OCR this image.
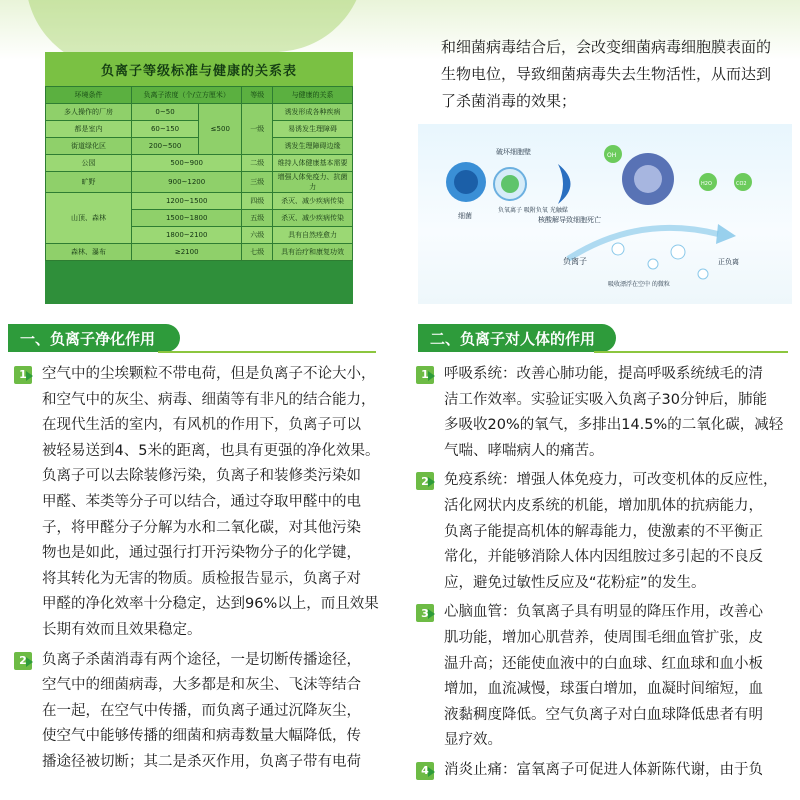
负离子等级标准与健康的关系表
环境条件	负离子浓度（个/立方厘米）		等级	与健康的关系
多人操作的厂房	0~50	≤500	一级	诱发形成各种疾病
都是室内	60~150			易诱发生理障碍
街道绿化区	200~500			诱发生理障碍边缘
公园	500~900		二级	维持人体健康基本需要
旷野	900~1200		三级	增强人体免疫力、抗菌力
山顶、森林	1200~1500		四级	杀灭、减少疾病传染
	1500~1800		五级	杀灭、减少疾病传染
	1800~2100		六级	具有自然痊愈力
森林、瀑布	≥2100		七级	具有治疗和康复功效

和细菌病毒结合后，会改变细菌病毒细胞膜表面的

生物电位，导致细菌病毒失去生物活性，从而达到

了杀菌消毒的效果；

细菌
破坏细胞壁
负氧离子 吸附负氧 光触媒
核酸解导致细胞死亡
负离子	正负离
吸收漂浮在空中 的微粒
OH
H2O	CO2
一、负离子净化作用	二、负离子对人体的作用
1	空气中的尘埃颗粒不带电荷，但是负离子不论大小，

和空气中的灰尘、病毒、细菌等有非凡的结合能力，

在现代生活的室内，有风机的作用下，负离子可以

被轻易送到4、5米的距离，也具有更强的净化效果。

负离子可以去除装修污染，负离子和装修类污染如

甲醛、苯类等分子可以结合，通过夺取甲醛中的电

子，将甲醛分子分解为水和二氧化碳，对其他污染

物也是如此，通过强行打开污染物分子的化学键，

将其转化为无害的物质。质检报告显示，负离子对

甲醛的净化效率十分稳定，达到96%以上，而且效果

长期有效而且效果稳定。

2	负离子杀菌消毒有两个途径，一是切断传播途径，

空气中的细菌病毒，大多都是和灰尘、飞沫等结合

在一起，在空气中传播，而负离子通过沉降灰尘，

使空气中能够传播的细菌和病毒数量大幅降低，传

播途径被切断；其二是杀灭作用，负离子带有电荷

1	呼吸系统：改善心肺功能，提高呼吸系统绒毛的清

洁工作效率。实验证实吸入负离子30分钟后，肺能

多吸收20%的氧气，多排出14.5%的二氧化碳，减轻

气喘、哮喘病人的痛苦。

2	免疫系统：增强人体免疫力，可改变机体的反应性，

活化网状内皮系统的机能，增加肌体的抗病能力，

负离子能提高机体的解毒能力，使激素的不平衡正

常化，并能够消除人体内因组胺过多引起的不良反

应，避免过敏性反应及“花粉症”的发生。

3	心脑血管：负氧离子具有明显的降压作用，改善心

肌功能，增加心肌营养，使周围毛细血管扩张，皮

温升高；还能使血液中的白血球、红血球和血小板

增加，血流减慢，球蛋白增加，血凝时间缩短，血

液黏稠度降低。空气负离子对白血球降低患者有明

显疗效。

4	消炎止痛：富氧离子可促进人体新陈代谢，由于负
